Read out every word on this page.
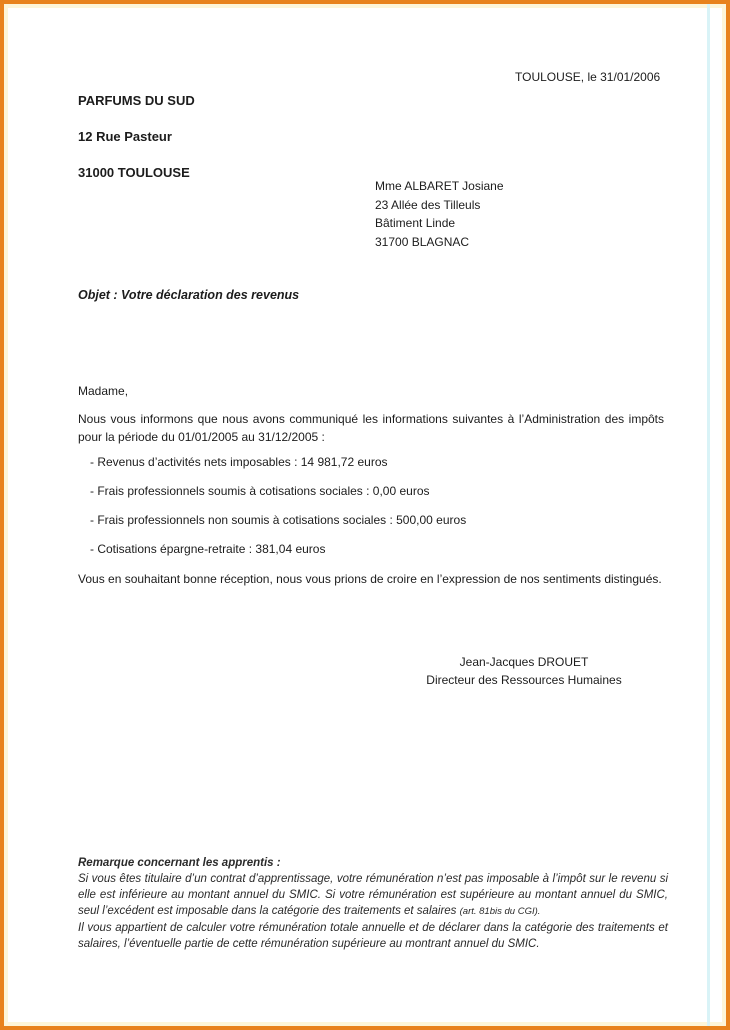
PARFUMS DU SUD

12 Rue Pasteur

31000 TOULOUSE

TOULOUSE, le 31/01/2006
Mme ALBARET Josiane
23 Allée des Tilleuls
Bâtiment Linde
31700 BLAGNAC
Objet : Votre déclaration des revenus
Madame,
Nous vous informons que nous avons communiqué les informations suivantes à l’Administration des impôts pour la période du 01/01/2005 au 31/12/2005 :
- Revenus d’activités nets imposables : 14 981,72 euros
- Frais professionnels soumis à cotisations sociales : 0,00 euros
- Frais professionnels non soumis à cotisations sociales : 500,00 euros
- Cotisations épargne-retraite : 381,04 euros
Vous en souhaitant bonne réception, nous vous prions de croire en l’expression de nos sentiments distingués.
Jean-Jacques DROUET
Directeur des Ressources Humaines
Remarque concernant les apprentis :
Si vous êtes titulaire d’un contrat d’apprentissage, votre rémunération n’est pas imposable à l’impôt sur le revenu si elle est inférieure au montant annuel du SMIC. Si votre rémunération est supérieure au montant annuel du SMIC, seul l’excédent est imposable dans la catégorie des traitements et salaires (art. 81bis du CGI).
Il vous appartient de calculer votre rémunération totale annuelle et de déclarer dans la catégorie des traitements et salaires, l’éventuelle partie de cette rémunération supérieure au montrant annuel du SMIC.
